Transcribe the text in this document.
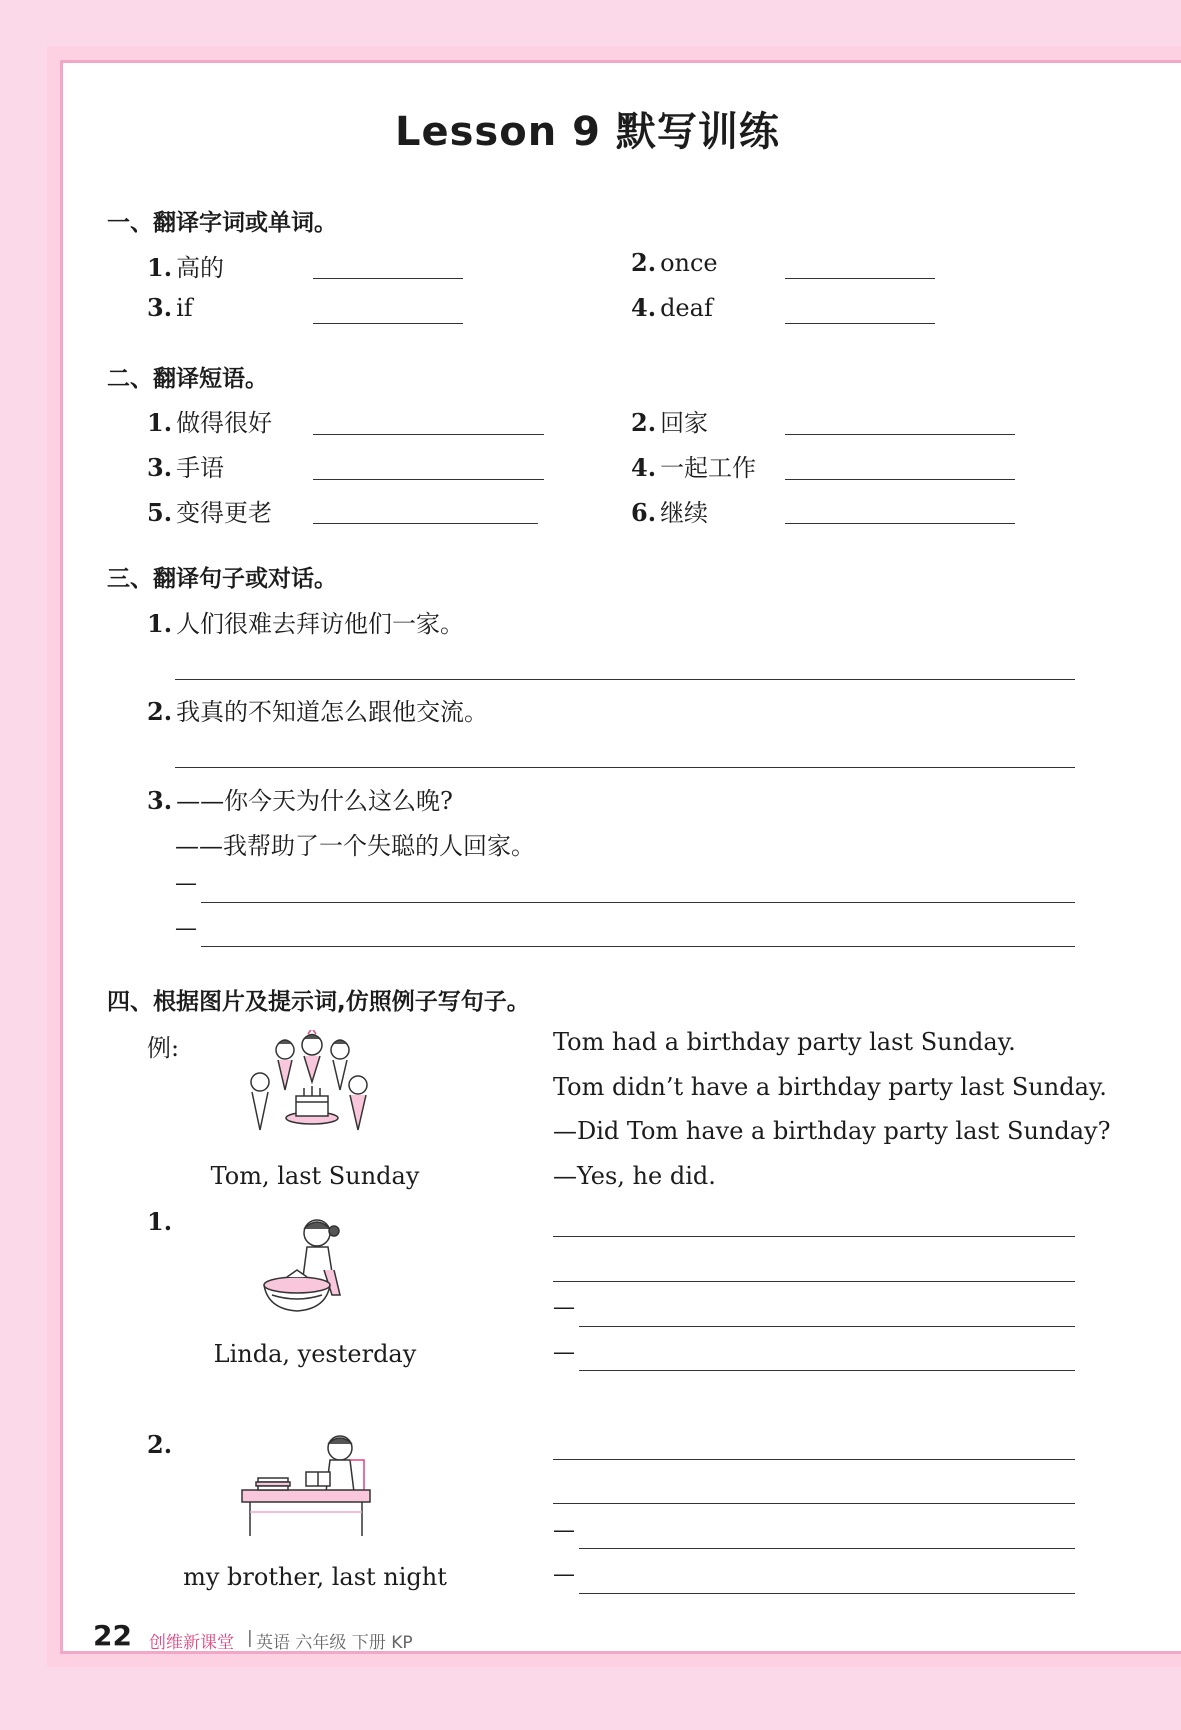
Lesson 9 默写训练
一、翻译字词或单词。
1. 高的	2. once
3. if	4. deaf
二、翻译短语。
1. 做得很好	2. 回家
3. 手语	4. 一起工作
5. 变得更老	6. 继续
三、翻译句子或对话。
1. 人们很难去拜访他们一家。
2. 我真的不知道怎么跟他交流。
3. ——你今天为什么这么晚?
——我帮助了一个失聪的人回家。
—
—
四、根据图片及提示词,仿照例子写句子。
例:
Tom, last Sunday
Tom had a birthday party last Sunday.
Tom didn’t have a birthday party last Sunday.
—Did Tom have a birthday party last Sunday?
—Yes, he did.
1.
Linda, yesterday
—
—
2.
my brother, last night
—
—
22 创维新课堂 | 英语 六年级 下册 KP
